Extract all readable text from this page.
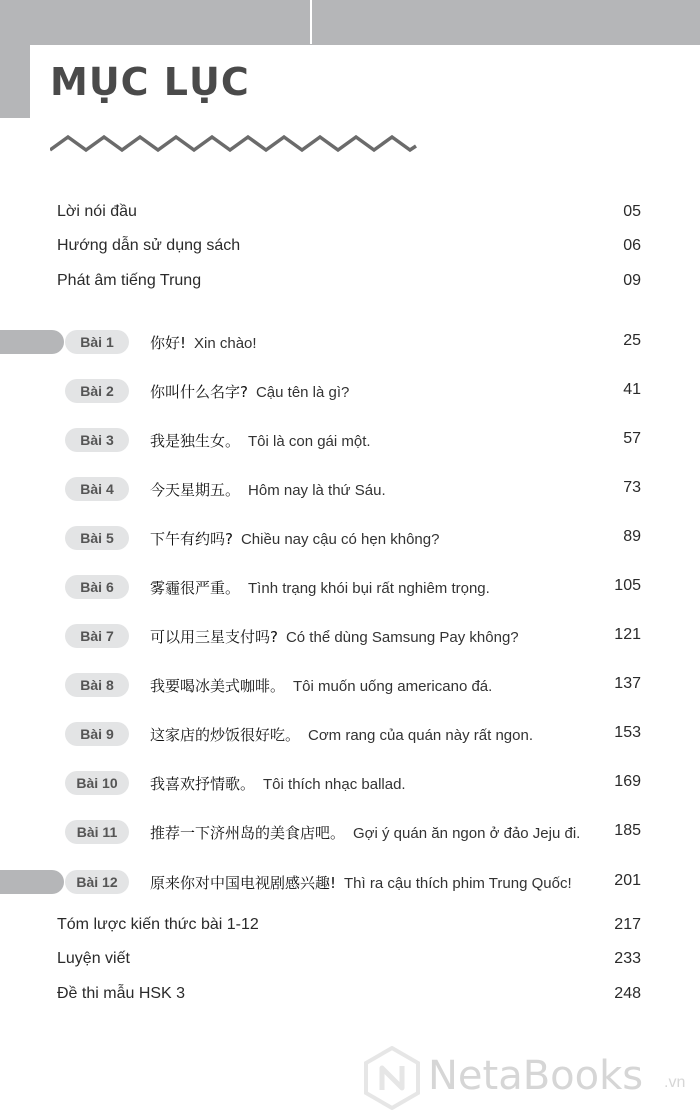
MỤC LỤC
Lời nói đầu	05
Hướng dẫn sử dụng sách	06
Phát âm tiếng Trung	09
Bài 1	你好! Xin chào!	25
Bài 2	你叫什么名字? Cậu tên là gì?	41
Bài 3	我是独生女。 Tôi là con gái một.	57
Bài 4	今天星期五。 Hôm nay là thứ Sáu.	73
Bài 5	下午有约吗? Chiều nay cậu có hẹn không?	89
Bài 6	雾霾很严重。 Tình trạng khói bụi rất nghiêm trọng.	105
Bài 7	可以用三星支付吗? Có thể dùng Samsung Pay không?	121
Bài 8	我要喝冰美式咖啡。 Tôi muốn uống americano đá.	137
Bài 9	这家店的炒饭很好吃。 Cơm rang của quán này rất ngon.	153
Bài 10	我喜欢抒情歌。 Tôi thích nhạc ballad.	169
Bài 11	推荐一下济州岛的美食店吧。 Gợi ý quán ăn ngon ở đảo Jeju đi. 185
Bài 12	原来你对中国电视剧感兴趣! Thì ra cậu thích phim Trung Quốc!	201
Tóm lược kiến thức bài 1-12	217
Luyện viết	233
Đề thi mẫu HSK 3	248
NetaBooks .vn
